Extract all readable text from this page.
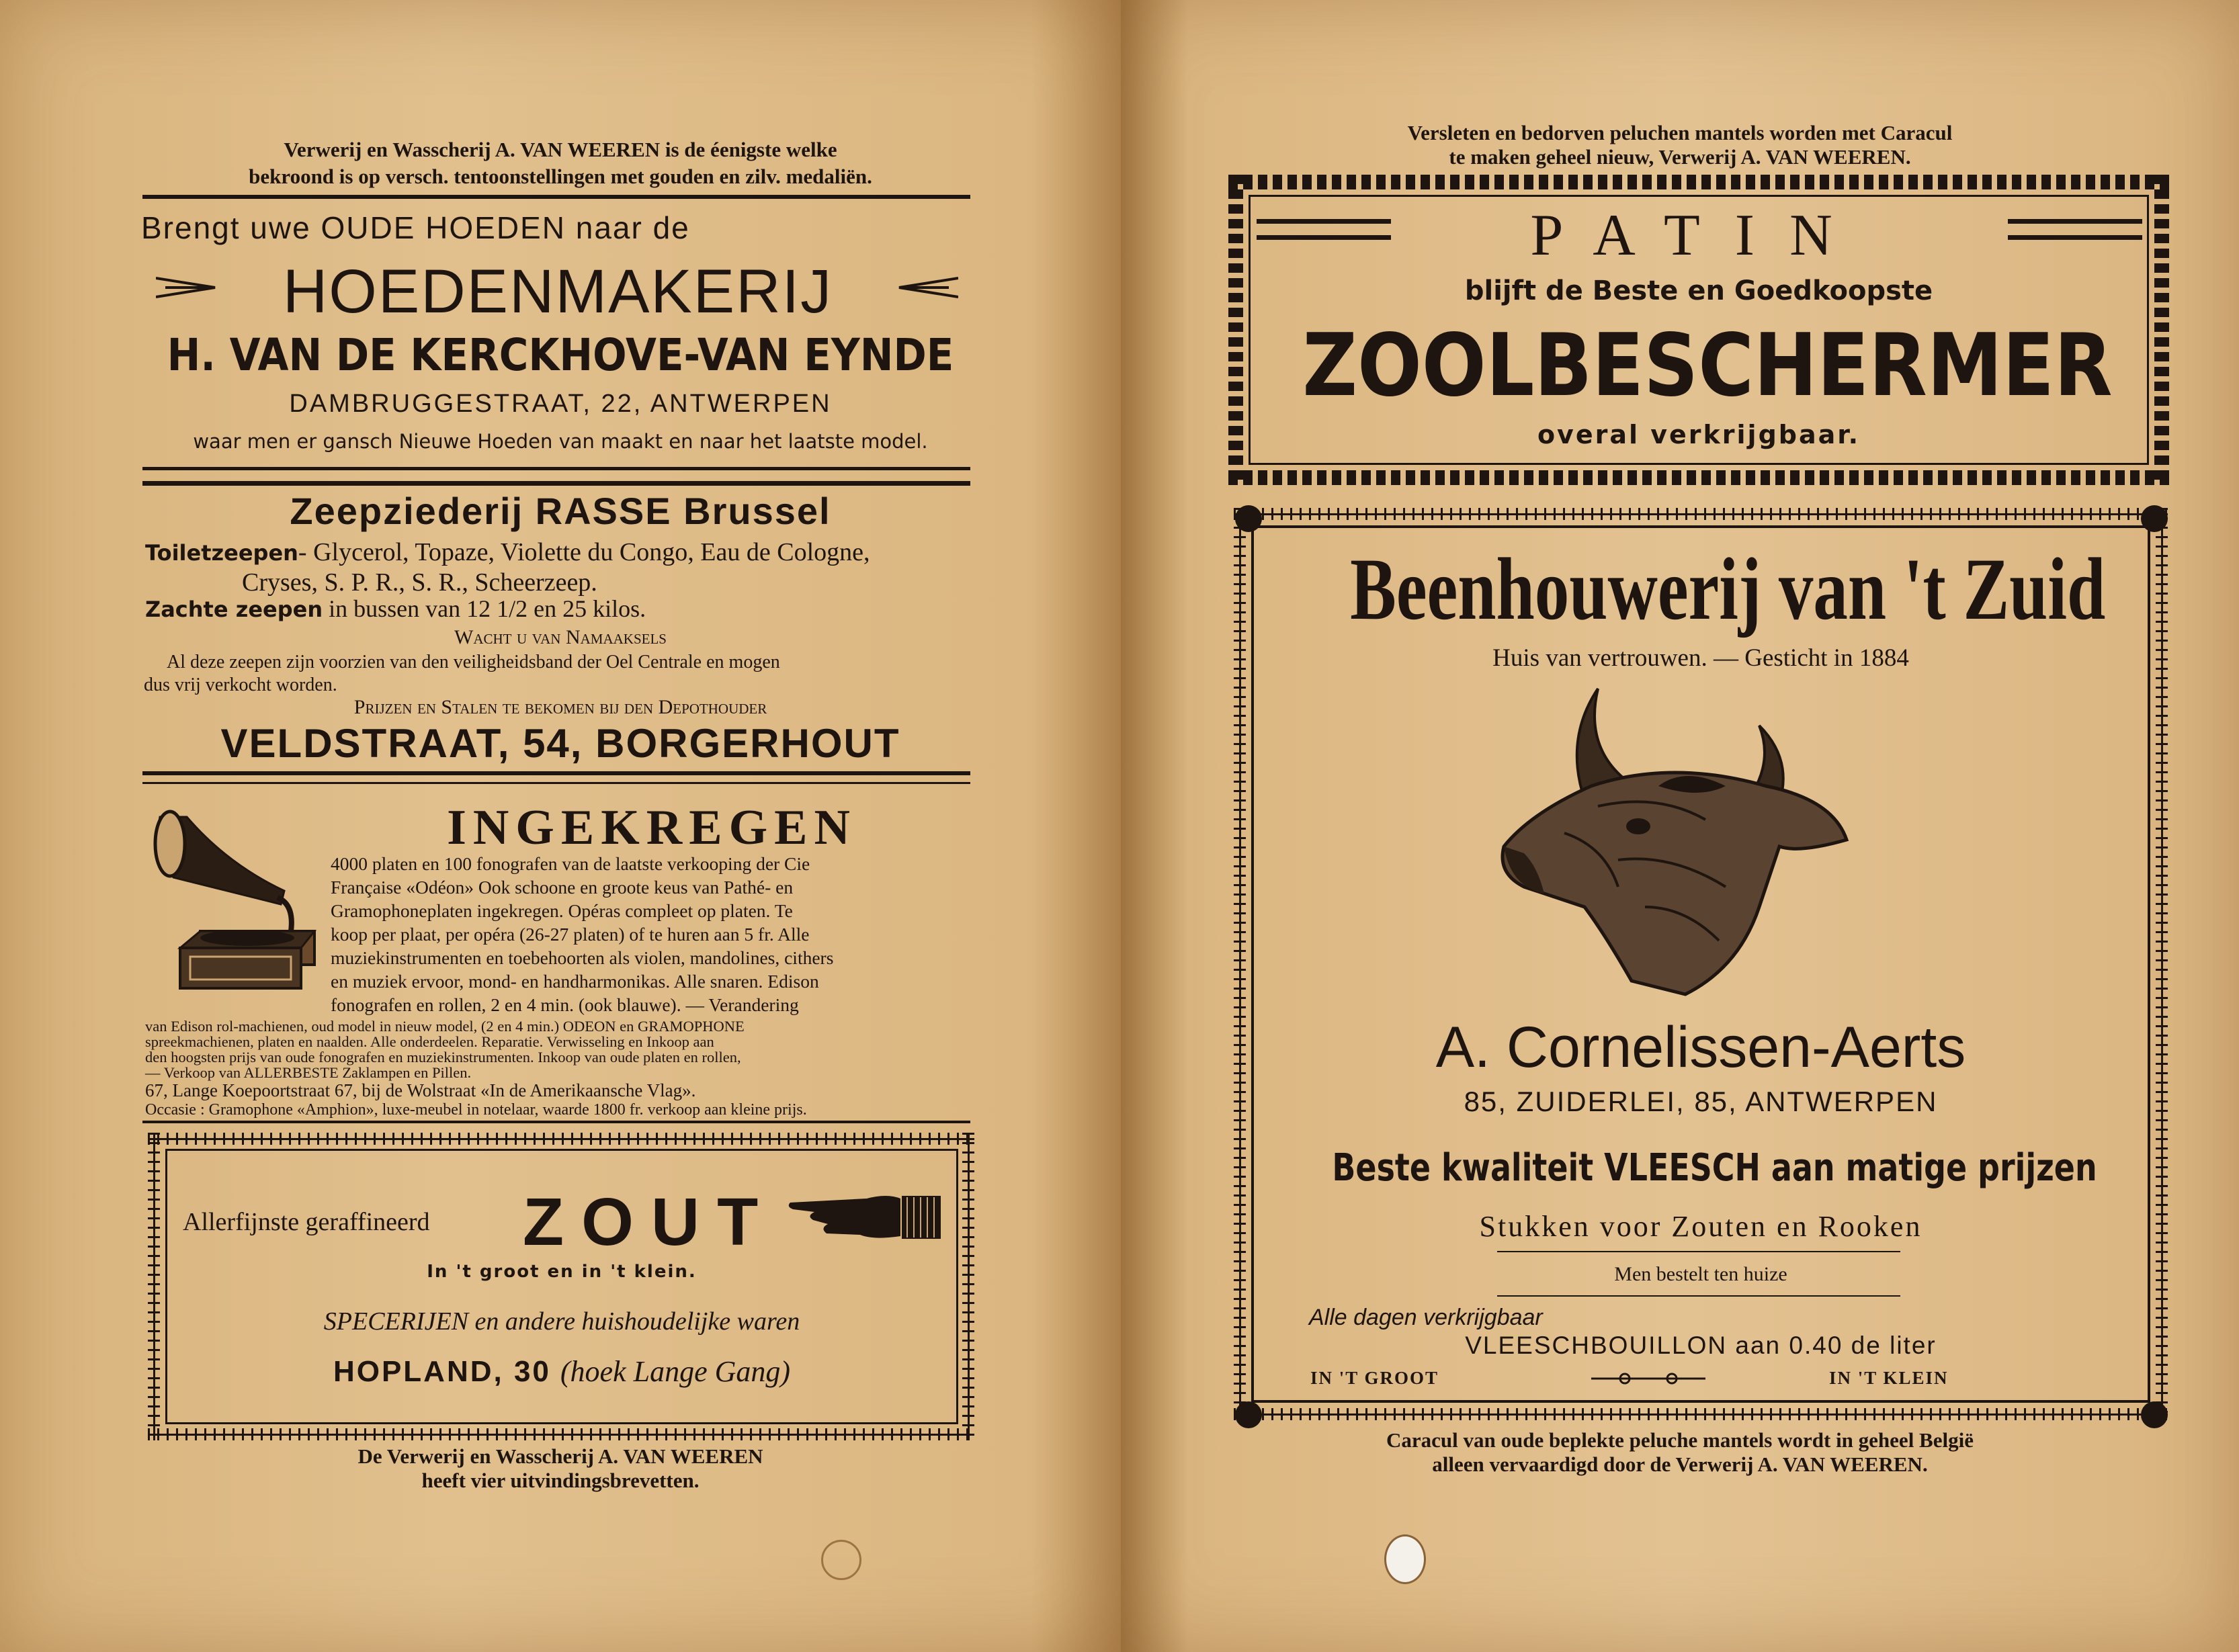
Verwerij en Wasscherij A. VAN WEEREN is de éenigste welke
bekroond is op versch. tentoonstellingen met gouden en zilv. medaliën.
Brengt uwe OUDE HOEDEN naar de
HOEDENMAKERIJ
H. VAN DE KERCKHOVE-VAN EYNDE
DAMBRUGGESTRAAT, 22, ANTWERPEN
waar men er gansch Nieuwe Hoeden van maakt en naar het laatste model.
Zeepziederij RASSE Brussel
Toiletzeepen- Glycerol, Topaze, Violette du Congo, Eau de Cologne,
Cryses, S. P. R., S. R., Scheerzeep.
Zachte zeepen in bussen van 12 1/2 en 25 kilos.
Wacht u van Namaaksels
Al deze zeepen zijn voorzien van den veiligheidsband der Oel Centrale en mogen
dus vrij verkocht worden.
Prijzen en Stalen te bekomen bij den Depothouder
VELDSTRAAT, 54, BORGERHOUT
INGEKREGEN
4000 platen en 100 fonografen van de laatste verkooping der Cie
Française «Odéon» Ook schoone en groote keus van Pathé- en
Gramophoneplaten ingekregen. Opéras compleet op platen. Te
koop per plaat, per opéra (26-27 platen) of te huren aan 5 fr. Alle
muziekinstrumenten en toebehoorten als violen, mandolines, cithers
en muziek ervoor, mond- en handharmonikas. Alle snaren. Edison
fonografen en rollen, 2 en 4 min. (ook blauwe). — Verandering
van Edison rol-machienen, oud model in nieuw model, (2 en 4 min.) ODEON en GRAMOPHONE
spreekmachienen, platen en naalden. Alle onderdeelen. Reparatie. Verwisseling en Inkoop aan
den hoogsten prijs van oude fonografen en muziekinstrumenten. Inkoop van oude platen en rollen,
— Verkoop van ALLERBESTE Zaklampen en Pillen.
67, Lange Koepoortstraat 67, bij de Wolstraat «In de Amerikaansche Vlag».
Occasie : Gramophone «Amphion», luxe-meubel in notelaar, waarde 1800 fr. verkoop aan kleine prijs.
Allerfijnste geraffineerd ZOUT
In 't groot en in 't klein.
SPECERIJEN en andere huishoudelijke waren
HOPLAND, 30 (hoek Lange Gang)
De Verwerij en Wasscherij A. VAN WEEREN
heeft vier uitvindingsbrevetten.
Versleten en bedorven peluchen mantels worden met Caracul
te maken geheel nieuw, Verwerij A. VAN WEEREN.
PATIN
blijft de Beste en Goedkoopste
ZOOLBESCHERMER
overal verkrijgbaar.
Beenhouwerij van 't Zuid
Huis van vertrouwen. — Gesticht in 1884
A. Cornelissen-Aerts
85, ZUIDERLEI, 85, ANTWERPEN
Beste kwaliteit VLEESCH aan matige prijzen
Stukken voor Zouten en Rooken
Men bestelt ten huize
Alle dagen verkrijgbaar
VLEESCHBOUILLON aan 0.40 de liter
IN 'T GROOT	IN 'T KLEIN
Caracul van oude beplekte peluche mantels wordt in geheel België
alleen vervaardigd door de Verwerij A. VAN WEEREN.
